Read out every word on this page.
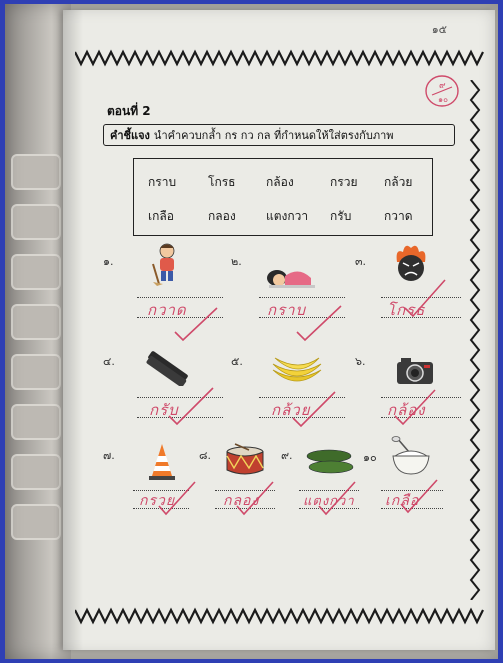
๑๕
๙
๑๐
ตอนที่ 2
คำชี้แจง นำคำควบกล้ำ กร กว กล ที่กำหนดให้ใส่ตรงกับภาพ
กราบ	โกรธ	กล้อง	กรวย กล้วย
เกลือ	กลอง	แตงกวา กรับ	กวาด
๑.
กวาด
๒.
กราบ
๓.
โกรธ
๔.
กรับ
๕.
กล้วย
๖.
กล้อง
๗.	๘.	๙.	๑๐
กรวย	กลอง	แตงกวา เกลือ
